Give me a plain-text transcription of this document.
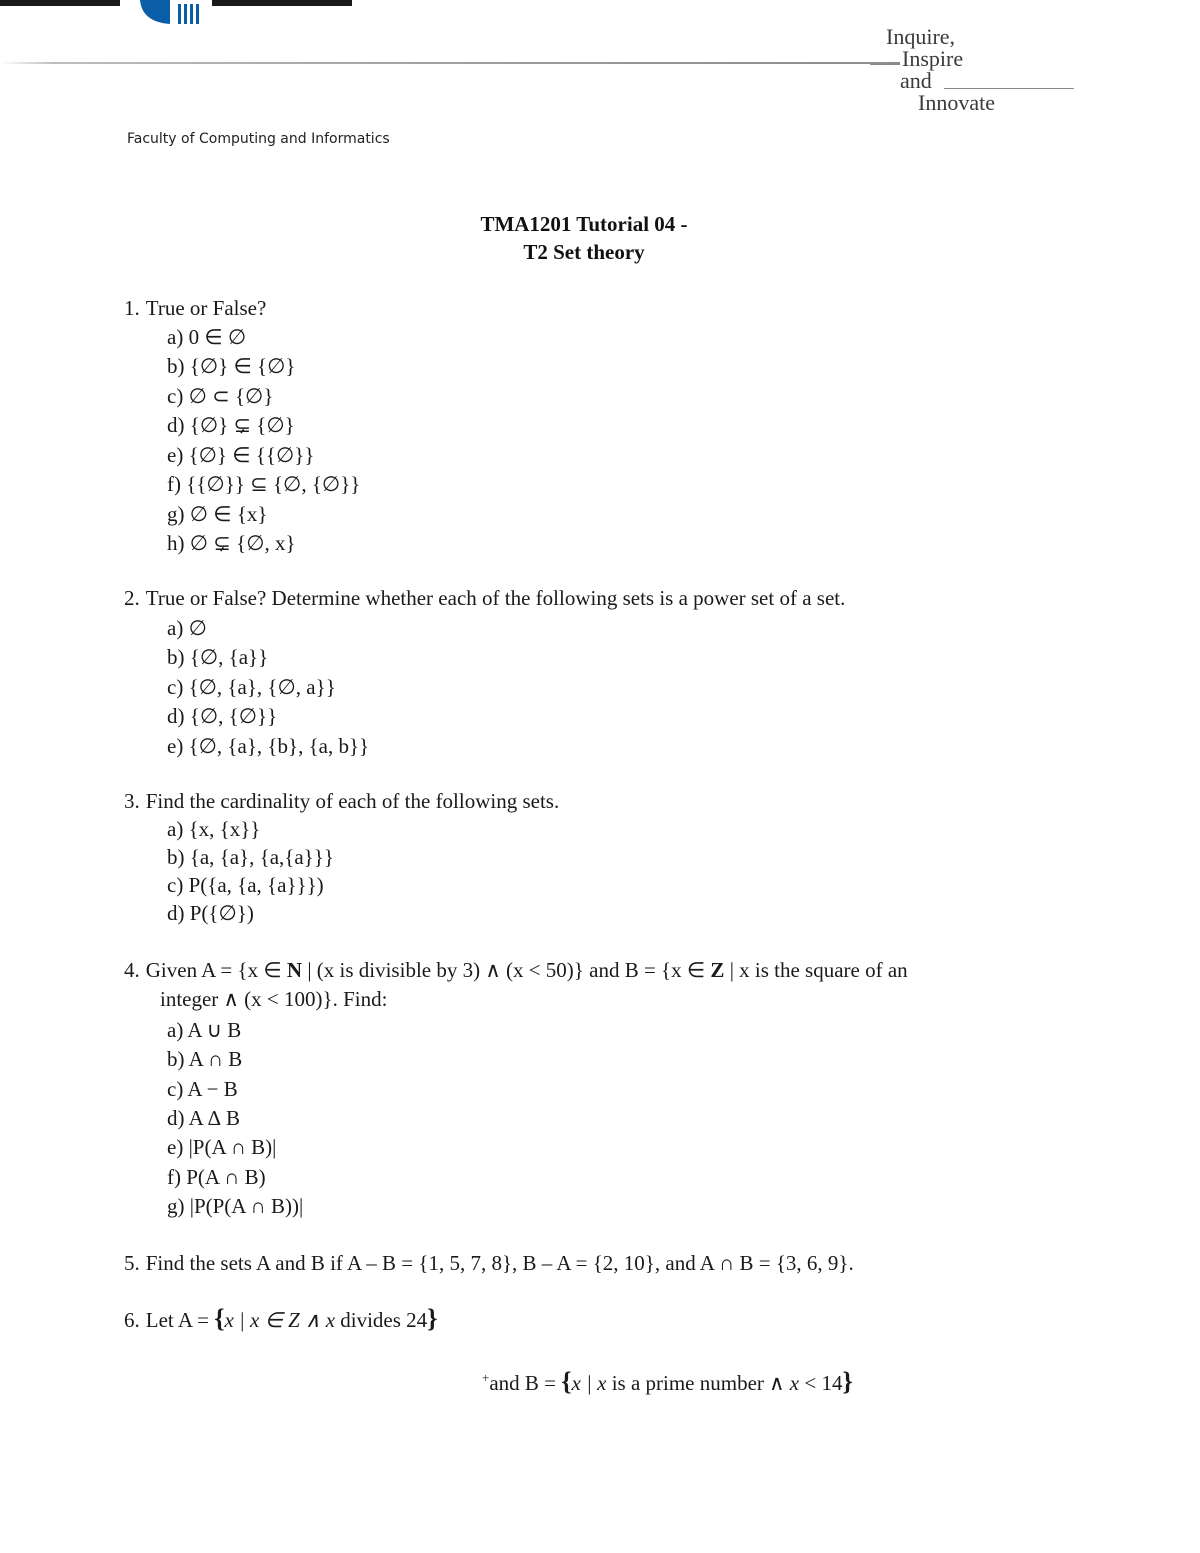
Inquire,
Inspire
and
Innovate
Faculty of Computing and Informatics
TMA1201 Tutorial 04 -
T2 Set theory
1. True or False?
a) 0 ∈ ∅
b) {∅} ∈ {∅}
c) ∅ ⊂ {∅}
d) {∅} ⊊ {∅}
e) {∅} ∈ {{∅}}
f) {{∅}} ⊆ {∅, {∅}}
g) ∅ ∈ {x}
h) ∅ ⊊ {∅, x}
2. True or False? Determine whether each of the following sets is a power set of a set.
a) ∅
b) {∅, {a}}
c) {∅, {a}, {∅, a}}
d) {∅, {∅}}
e) {∅, {a}, {b}, {a, b}}
3. Find the cardinality of each of the following sets.
a) {x, {x}}
b) {a, {a}, {a,{a}}}
c) P({a, {a, {a}}})
d) P({∅})
4. Given A = {x ∈ N | (x is divisible by 3) ∧ (x < 50)} and B = {x ∈ Z | x is the square of an
integer ∧ (x < 100)}. Find:
a) A ∪ B
b) A ∩ B
c) A − B
d) A ∆ B
e) |P(A ∩ B)|
f) P(A ∩ B)
g) |P(P(A ∩ B))|
5. Find the sets A and B if A – B = {1, 5, 7, 8}, B – A = {2, 10}, and A ∩ B = {3, 6, 9}.
6. Let A = {x | x ∈ Z ∧ x divides 24}
+and B = {x | x is a prime number ∧ x < 14}
